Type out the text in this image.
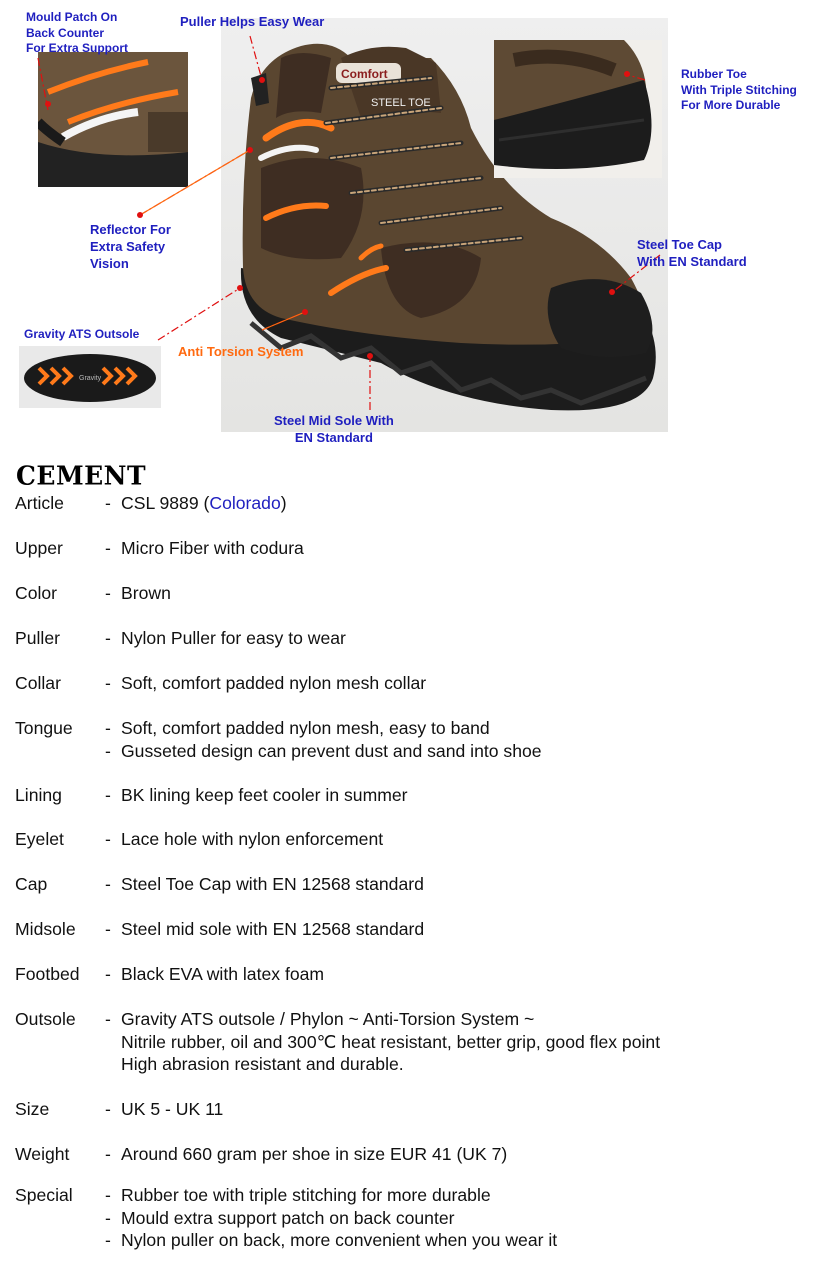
Comfort
STEEL TOE
Gravity
Mould Patch On
Back Counter
For Extra Support
Puller Helps Easy Wear
Rubber Toe
With Triple Stitching
For More Durable
Reflector For
Extra Safety
Vision
Steel Toe Cap
With EN Standard
Gravity ATS Outsole
Anti Torsion System
Steel Mid Sole With
EN Standard
CEMENT
Article	- CSL 9889 (Colorado)
Upper	- Micro Fiber with codura
Color	- Brown
Puller	- Nylon Puller for easy to wear
Collar	- Soft, comfort padded nylon mesh collar
Tongue	- Soft, comfort padded nylon mesh, easy to band
- Gusseted design can prevent dust and sand into shoe
Lining	- BK lining keep feet cooler in summer
Eyelet	- Lace hole with nylon enforcement
Cap	- Steel Toe Cap with EN 12568 standard
Midsole	- Steel mid sole with EN 12568 standard
Footbed	- Black EVA with latex foam
Outsole	- Gravity ATS outsole / Phylon ~ Anti-Torsion System ~
Nitrile rubber, oil and 300℃ heat resistant, better grip, good flex point
High abrasion resistant and durable.
Size	- UK 5 - UK 11
Weight	- Around 660 gram per shoe in size EUR 41 (UK 7)
Special	- Rubber toe with triple stitching for more durable
- Mould extra support patch on back counter
- Nylon puller on back, more convenient when you wear it
